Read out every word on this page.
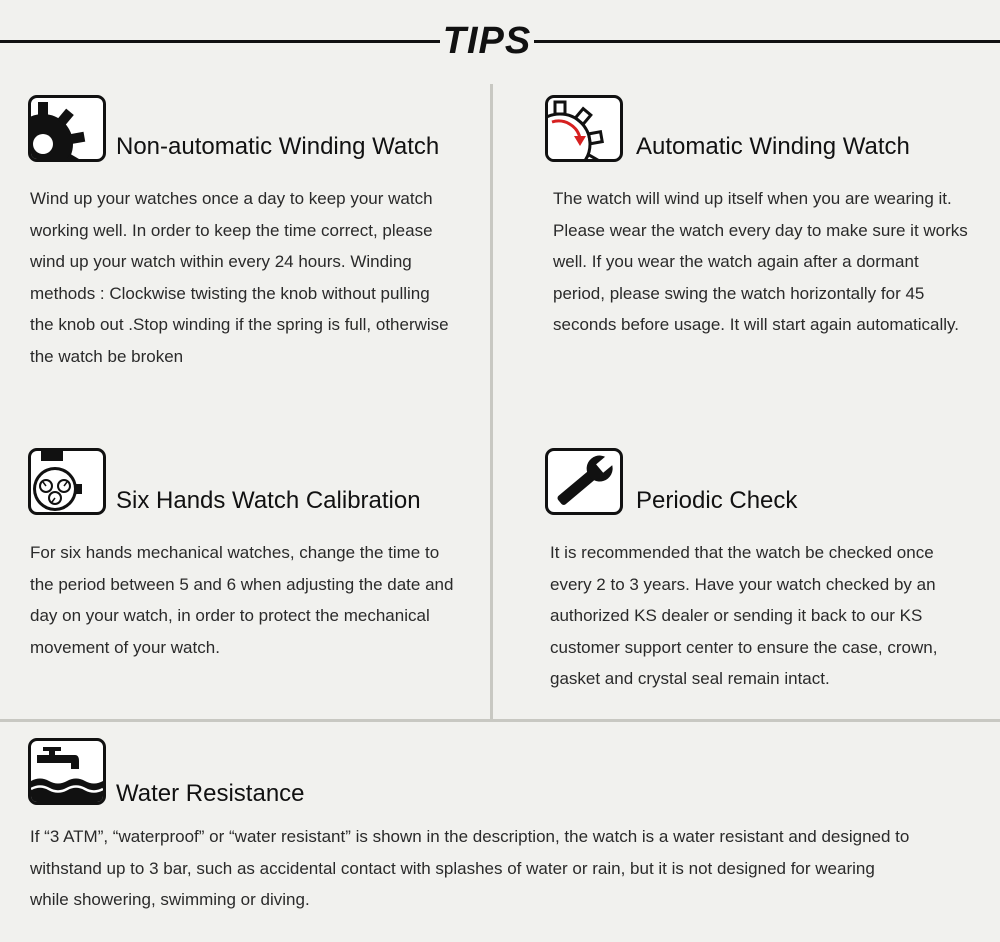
TIPS
Non-automatic Winding Watch

Wind up your watches once a day to keep your watch working well. In order to keep the time correct, please wind up your watch within every 24 hours. Winding methods : Clockwise twisting the knob without pulling the knob out .Stop winding if the spring is full, otherwise the watch be broken

Automatic Winding Watch

The watch will wind up itself when you are wearing it. Please wear the watch every day to make sure it works well. If you wear the watch again after a dormant period, please swing the watch horizontally for 45 seconds before usage. It will start again automatically.

Six Hands Watch Calibration

For six hands mechanical watches, change the time to the period between 5 and 6 when adjusting the date and day on your watch, in order to protect the mechanical movement of your watch.

Periodic Check

It is recommended that the watch be checked once every 2 to 3 years. Have your watch checked by an authorized KS dealer or sending it back to our KS customer support center to ensure the case, crown, gasket and crystal seal remain intact.

Water Resistance

If “3 ATM”, “waterproof” or “water resistant” is shown in the description, the watch is a water resistant and designed to withstand up to 3 bar, such as accidental contact with splashes of water or rain, but it is not designed for wearing while showering, swimming or diving.
